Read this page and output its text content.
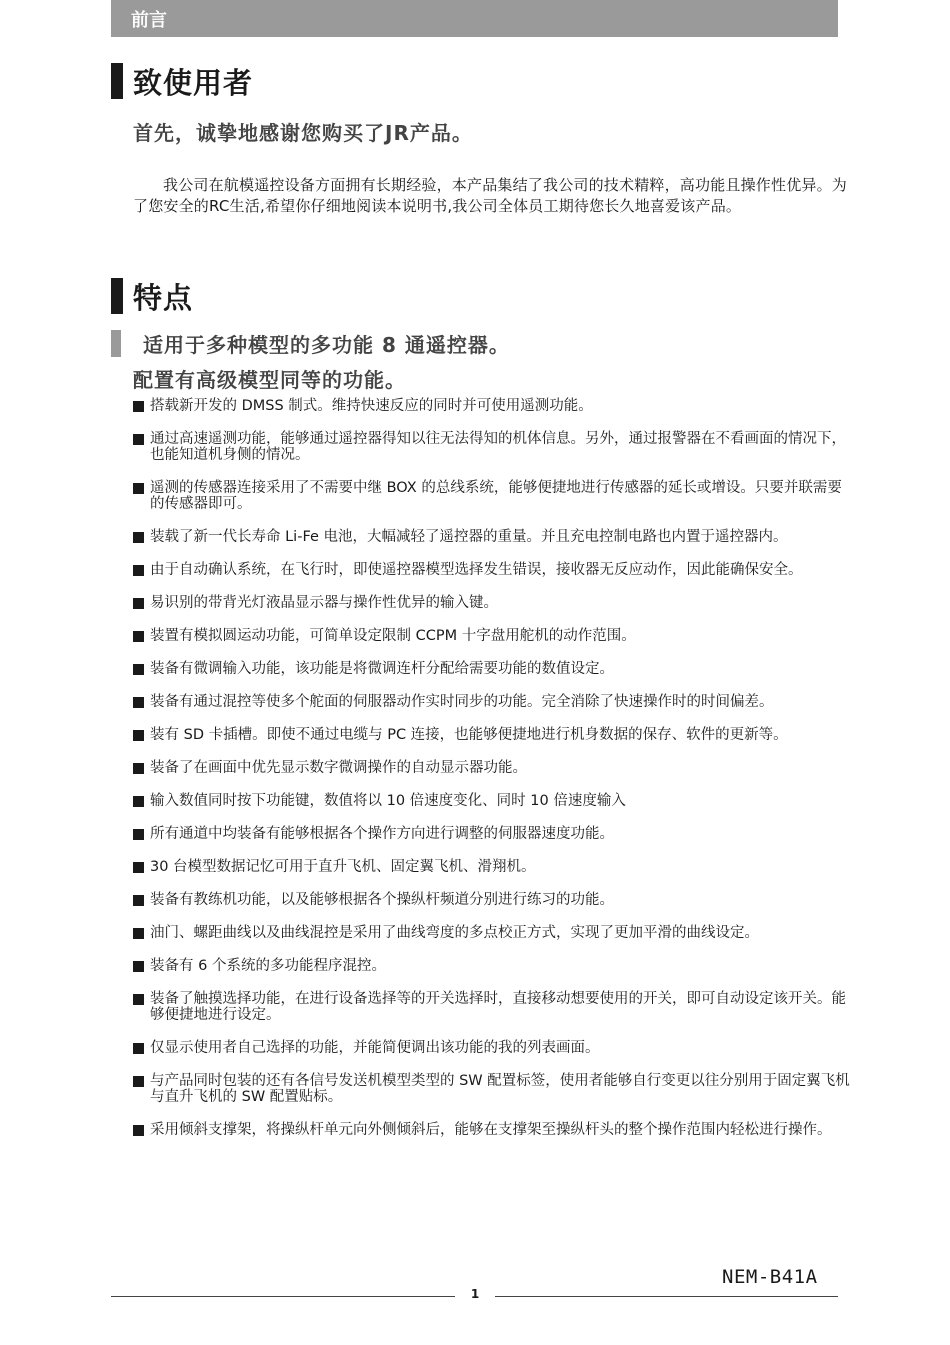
前言
致使用者
首先，诚挚地感谢您购买了JR产品。

我公司在航模遥控设备方面拥有长期经验，本产品集结了我公司的技术精粹，高功能且操作性优异。为了您安全的RC生活,希望你仔细地阅读本说明书,我公司全体员工期待您长久地喜爱该产品。

特点
适用于多种模型的多功能 8 通遥控器。
配置有高级模型同等的功能。
搭载新开发的 DMSS 制式。维持快速反应的同时并可使用遥测功能。
通过高速遥测功能，能够通过遥控器得知以往无法得知的机体信息。另外，通过报警器在不看画面的情况下，也能知道机身侧的情况。
遥测的传感器连接采用了不需要中继 BOX 的总线系统，能够便捷地进行传感器的延长或增设。只要并联需要的传感器即可。
装载了新一代长寿命 Li-Fe 电池，大幅减轻了遥控器的重量。并且充电控制电路也内置于遥控器内。
由于自动确认系统，在飞行时，即使遥控器模型选择发生错误，接收器无反应动作，因此能确保安全。
易识别的带背光灯液晶显示器与操作性优异的输入键。
装置有模拟圆运动功能，可简单设定限制 CCPM 十字盘用舵机的动作范围。
装备有微调输入功能，该功能是将微调连杆分配给需要功能的数值设定。
装备有通过混控等使多个舵面的伺服器动作实时同步的功能。完全消除了快速操作时的时间偏差。
装有 SD 卡插槽。即使不通过电缆与 PC 连接，也能够便捷地进行机身数据的保存、软件的更新等。
装备了在画面中优先显示数字微调操作的自动显示器功能。
输入数值同时按下功能键，数值将以 10 倍速度变化、同时 10 倍速度输入
所有通道中均装备有能够根据各个操作方向进行调整的伺服器速度功能。
30 台模型数据记忆可用于直升飞机、固定翼飞机、滑翔机。
装备有教练机功能，以及能够根据各个操纵杆频道分别进行练习的功能。
油门、螺距曲线以及曲线混控是采用了曲线弯度的多点校正方式，实现了更加平滑的曲线设定。
装备有 6 个系统的多功能程序混控。
装备了触摸选择功能，在进行设备选择等的开关选择时，直接移动想要使用的开关，即可自动设定该开关。能够便捷地进行设定。
仅显示使用者自己选择的功能，并能简便调出该功能的我的列表画面。
与产品同时包装的还有各信号发送机模型类型的 SW 配置标签，使用者能够自行变更以往分别用于固定翼飞机与直升飞机的 SW 配置贴标。
采用倾斜支撑架，将操纵杆单元向外侧倾斜后，能够在支撑架至操纵杆头的整个操作范围内轻松进行操作。
NEM-B41A
1
